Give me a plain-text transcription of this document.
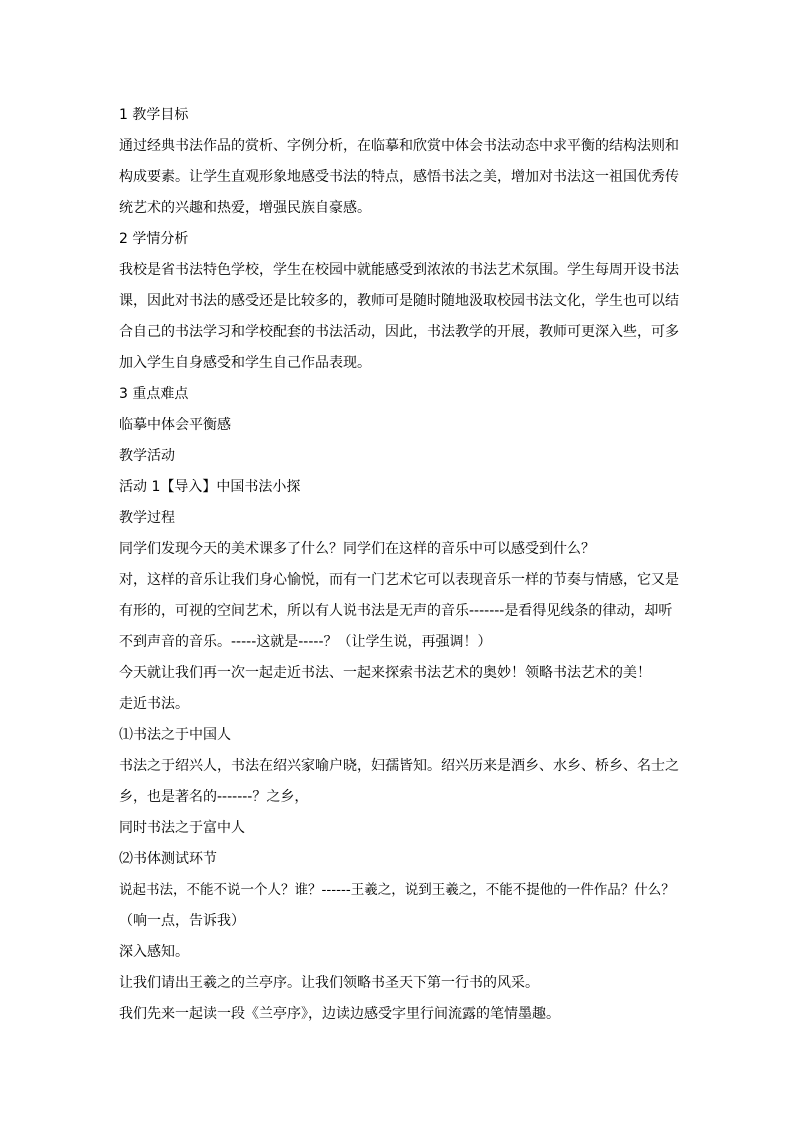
1 教学目标
通过经典书法作品的赏析、字例分析，在临摹和欣赏中体会书法动态中求平衡的结构法则和
构成要素。让学生直观形象地感受书法的特点，感悟书法之美，增加对书法这一祖国优秀传
统艺术的兴趣和热爱，增强民族自豪感。
2 学情分析
我校是省书法特色学校，学生在校园中就能感受到浓浓的书法艺术氛围。学生每周开设书法
课，因此对书法的感受还是比较多的，教师可是随时随地汲取校园书法文化，学生也可以结
合自己的书法学习和学校配套的书法活动，因此，书法教学的开展，教师可更深入些，可多
加入学生自身感受和学生自己作品表现。
3 重点难点
临摹中体会平衡感
教学活动
活动 1【导入】中国书法小探
教学过程
同学们发现今天的美术课多了什么？同学们在这样的音乐中可以感受到什么？
对，这样的音乐让我们身心愉悦，而有一门艺术它可以表现音乐一样的节奏与情感，它又是
有形的，可视的空间艺术，所以有人说书法是无声的音乐-------是看得见线条的律动，却听
不到声音的音乐。-----这就是-----？（让学生说，再强调！）
今天就让我们再一次一起走近书法、一起来探索书法艺术的奥妙！领略书法艺术的美！
走近书法。
⑴书法之于中国人
书法之于绍兴人，书法在绍兴家喻户晓，妇孺皆知。绍兴历来是酒乡、水乡、桥乡、名士之
乡，也是著名的-------？之乡，
同时书法之于富中人
⑵书体测试环节
说起书法，不能不说一个人？谁？------王羲之，说到王羲之，不能不提他的一件作品？什么？
（响一点，告诉我）
深入感知。
让我们请出王羲之的兰亭序。让我们领略书圣天下第一行书的风采。
我们先来一起读一段《兰亭序》，边读边感受字里行间流露的笔情墨趣。
